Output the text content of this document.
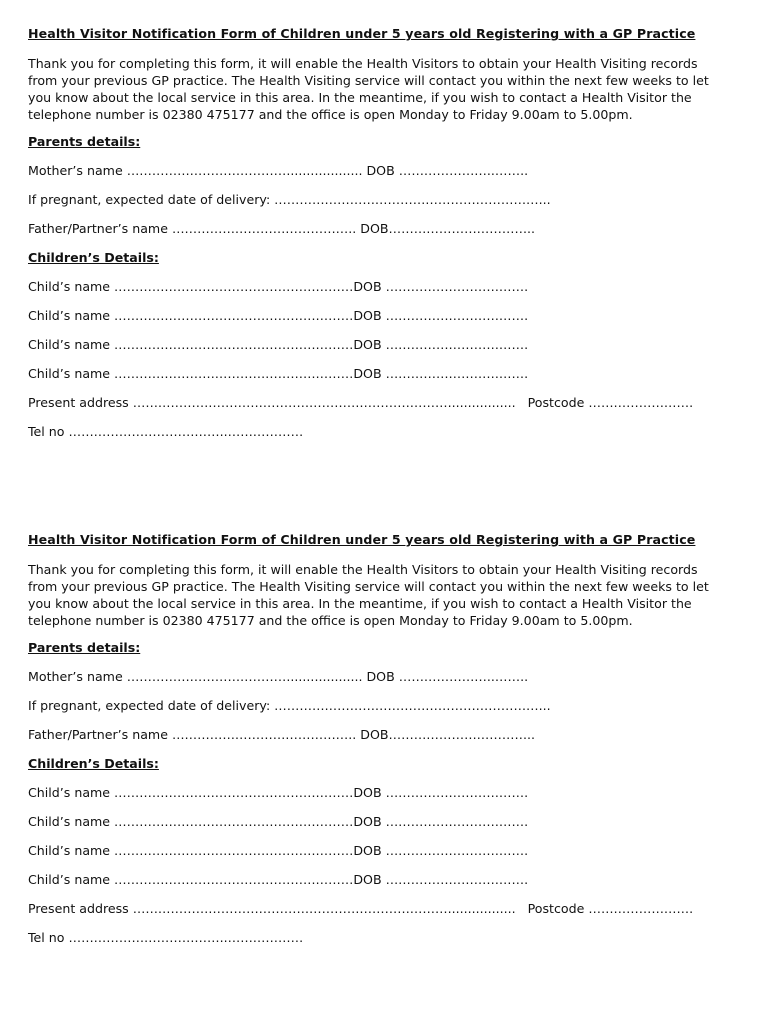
Health Visitor Notification Form of Children under 5 years old Registering with a GP Practice

Thank you for completing this form, it will enable the Health Visitors to obtain your Health Visiting records from your previous GP practice. The Health Visiting service will contact you within the next few weeks to let you know about the local service in this area. In the meantime, if you wish to contact a Health Visitor the telephone number is 02380 475177 and the office is open Monday to Friday 9.00am to 5.00pm.

Parents details:

Mother’s name ………………………………….................. DOB …………………..……..
If pregnant, expected date of delivery: ………………………………………………………...
Father/Partner’s name …………………………………….. DOB……………………………..

Children’s Details:

Child’s name …………………………………………………DOB …………………………….
Child’s name …………………………………………………DOB …………………………….
Child’s name …………………………………………………DOB …………………………….
Child’s name …………………………………………………DOB …………………………….
Present address …………………………………………………………………................. Postcode …………………….
Tel no ………………………………..………………

Health Visitor Notification Form of Children under 5 years old Registering with a GP Practice

Thank you for completing this form, it will enable the Health Visitors to obtain your Health Visiting records from your previous GP practice. The Health Visiting service will contact you within the next few weeks to let you know about the local service in this area. In the meantime, if you wish to contact a Health Visitor the telephone number is 02380 475177 and the office is open Monday to Friday 9.00am to 5.00pm.

Parents details:

Mother’s name ………………………………….................. DOB …………………..……..
If pregnant, expected date of delivery: ………………………………………………………...
Father/Partner’s name …………………………………….. DOB……………………………..

Children’s Details:

Child’s name …………………………………………………DOB …………………………….
Child’s name …………………………………………………DOB …………………………….
Child’s name …………………………………………………DOB …………………………….
Child’s name …………………………………………………DOB …………………………….
Present address …………………………………………………………………................. Postcode …………………….
Tel no ………………………………..………………
